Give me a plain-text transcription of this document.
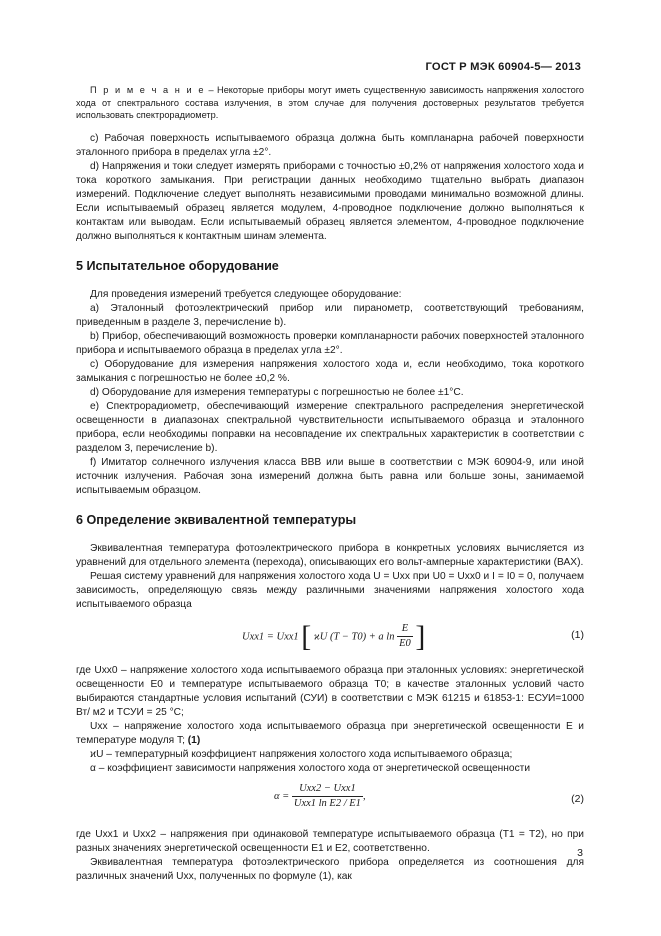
ГОСТ Р МЭК 60904-5— 2013

П р и м е ч а н и е – Некоторые приборы могут иметь существенную зависимость напряжения холостого хода от спектрального состава излучения, в этом случае для получения достоверных результатов требуется использовать спектрорадиометр.

c) Рабочая поверхность испытываемого образца должна быть компланарна рабочей поверхности эталонного прибора в пределах угла ±2°.

d) Напряжения и токи следует измерять приборами с точностью ±0,2% от напряжения холостого хода и тока короткого замыкания. При регистрации данных необходимо тщательно выбрать диапазон измерений. Подключение следует выполнять независимыми проводами минимально возможной длины. Если испытываемый образец является модулем, 4-проводное подключение должно выполняться к контактам или выводам. Если испытываемый образец является элементом, 4-проводное подключение должно выполняться к контактным шинам элемента.

5 Испытательное оборудование

Для проведения измерений требуется следующее оборудование:

a) Эталонный фотоэлектрический прибор или пиранометр, соответствующий требованиям, приведенным в разделе 3, перечисление b).

b) Прибор, обеспечивающий возможность проверки компланарности рабочих поверхностей эталонного прибора и испытываемого образца в пределах угла ±2°.

c) Оборудование для измерения напряжения холостого хода и, если необходимо, тока короткого замыкания с погрешностью не более ±0,2 %.

d) Оборудование для измерения температуры с погрешностью не более ±1°С.

e) Спектрорадиометр, обеспечивающий измерение спектрального распределения энергетической освещенности в диапазонах спектральной чувствительности испытываемого образца и эталонного прибора, если необходимы поправки на несовпадение их спектральных характеристик в соответствии с разделом 3, перечисление b).

f) Имитатор солнечного излучения класса ВВВ или выше в соответствии с МЭК 60904-9, или иной источник излучения. Рабочая зона измерений должна быть равна или больше зоны, занимаемой испытываемым образцом.

6 Определение эквивалентной температуры

Эквивалентная температура фотоэлектрического прибора в конкретных условиях вычисляется из уравнений для отдельного элемента (перехода), описывающих его вольт-амперные характеристики (ВАХ).

Решая систему уравнений для напряжения холостого хода U = Uxx при U0 = Uxx0 и I = I0 = 0, получаем зависимость, определяющую связь между различными значениями напряжения холостого хода испытываемого образца

Uxx1 = Uxx1 [ ϰU (T − T0) + a $\ln \frac{E}{E0}$ ]	(1)

где Uxx0 – напряжение холостого хода испытываемого образца при эталонных условиях: энергетической освещенности E0 и температуре испытываемого образца T0; в качестве эталонных условий часто выбираются стандартные условия испытаний (СУИ) в соответствии с МЭК 61215 и 61853-1: EСУИ=1000 Вт/ м2 и TСУИ = 25 °С;

Uxx – напряжение холостого хода испытываемого образца при энергетической освещенности E и температуре модуля T; (1)

ϰU – температурный коэффициент напряжения холостого хода испытываемого образца;

α – коэффициент зависимости напряжения холостого хода от энергетической освещенности

$\alpha = \frac{\text{Uxx2 − Uxx1}}{\text{Uxx1 ln E2 / E1}}$ ,	(2)

где Uxx1 и Uxx2 – напряжения при одинаковой температуре испытываемого образца (T1 = T2), но при разных значениях энергетической освещенности E1 и E2, соответственно.

Эквивалентная температура фотоэлектрического прибора определяется из соотношения для различных значений Uxx, полученных по формуле (1), как

3
